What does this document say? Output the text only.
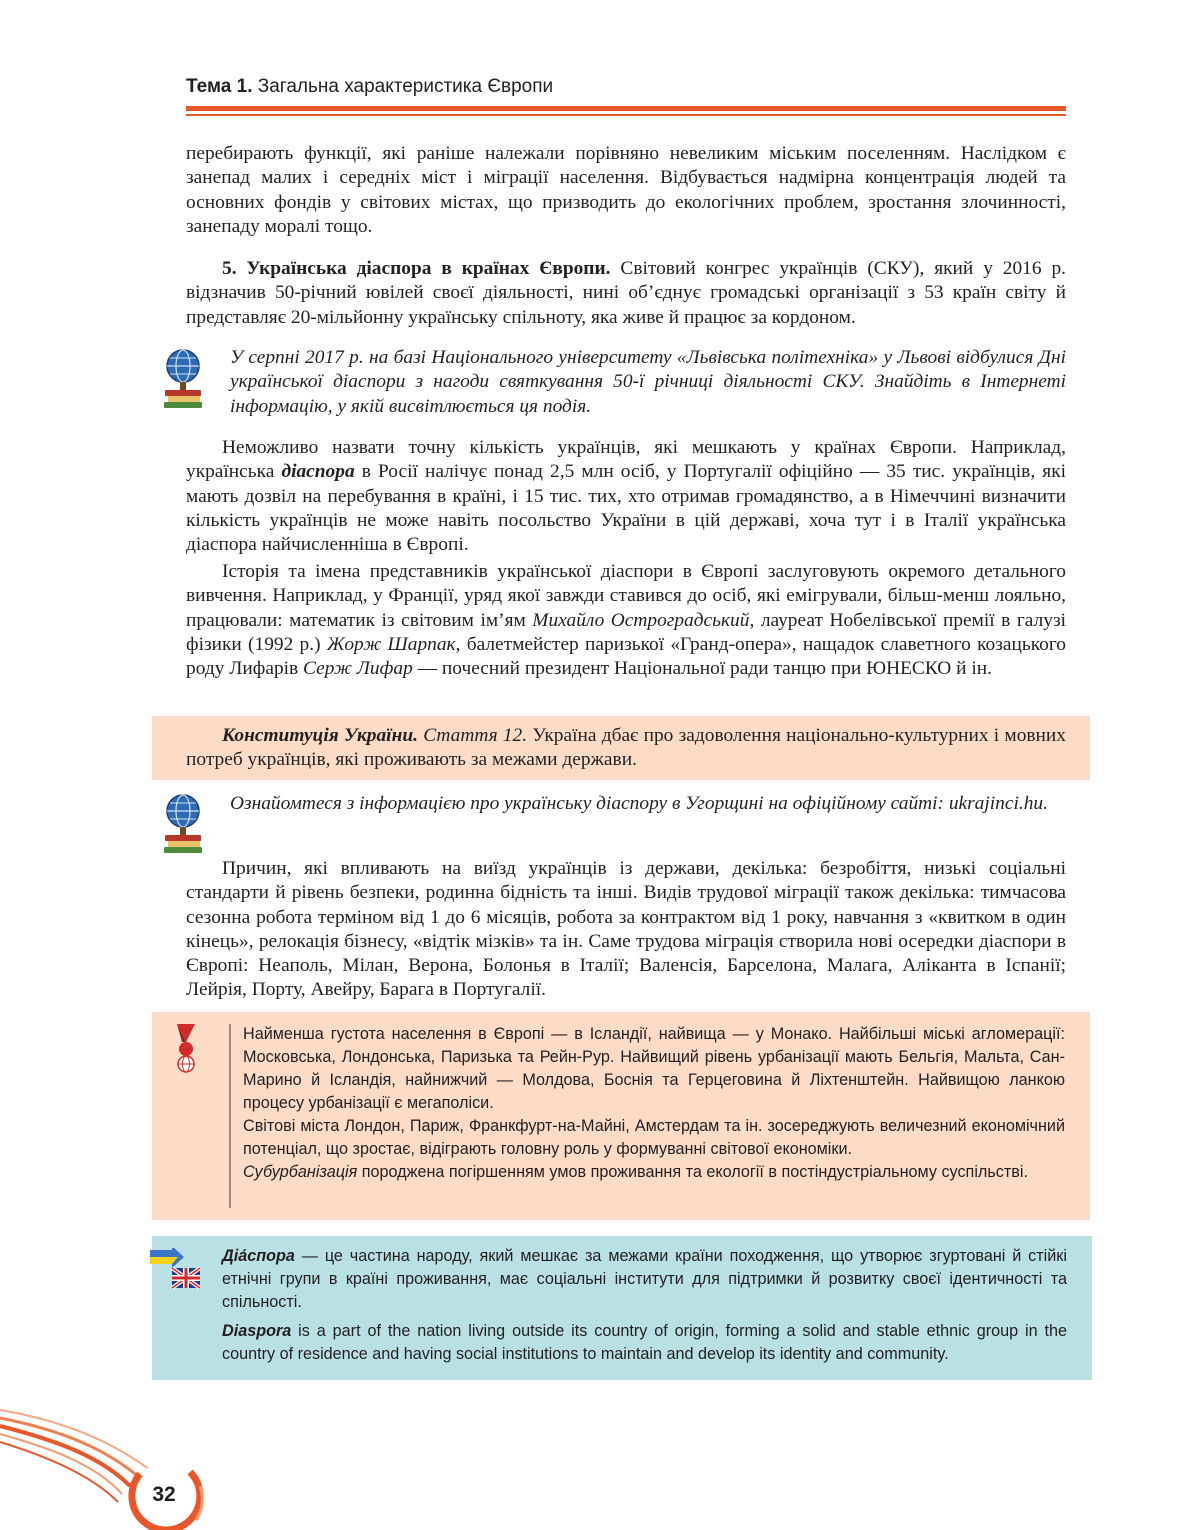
Тема 1. Загальна характеристика Європи

перебирають функції, які раніше належали порівняно невеликим міським поселенням. Наслідком є занепад малих і середніх міст і міграції населення. Відбувається надмірна концентрація людей та основних фондів у світових містах, що призводить до екологічних проблем, зростання злочинності, занепаду моралі тощо.

5. Українська діаспора в країнах Європи. Світовий конгрес українців (СКУ), який у 2016 р. відзначив 50-річний ювілей своєї діяльності, нині об’єднує громадські організації з 53 країн світу й представляє 20-мільйонну українську спільноту, яка живе й працює за кордоном.

У серпні 2017 р. на базі Національного університету «Львівська політехніка» у Львові відбулися Дні української діаспори з нагоди святкування 50-ї річниці діяльності СКУ. Знайдіть в Інтернеті інформацію, у якій висвітлюється ця подія.

Неможливо назвати точну кількість українців, які мешкають у країнах Європи. Наприклад, українська діаспора в Росії налічує понад 2,5 млн осіб, у Португалії офіційно — 35 тис. українців, які мають дозвіл на перебування в країні, і 15 тис. тих, хто отримав громадянство, а в Німеччині визначити кількість українців не може навіть посольство України в цій державі, хоча тут і в Італії українська діаспора найчисленніша в Європі.

Історія та імена представників української діаспори в Європі заслуговують окремого детального вивчення. Наприклад, у Франції, уряд якої завжди ставився до осіб, які емігрували, більш-менш лояльно, працювали: математик із світовим ім’ям Михайло Остроградський, лауреат Нобелівської премії в галузі фізики (1992 р.) Жорж Шарпак, балетмейстер паризької «Гранд-опера», нащадок славетного козацького роду Лифарів Серж Лифар — почесний президент Національної ради танцю при ЮНЕСКО й ін.

Конституція України. Стаття 12. Україна дбає про задоволення національно-культурних і мовних потреб українців, які проживають за межами держави.

Ознайомтеся з інформацією про українську діаспору в Угорщині на офіційному сайті: ukrajinci.hu.

Причин, які впливають на виїзд українців із держави, декілька: безробіття, низькі соціальні стандарти й рівень безпеки, родинна бідність та інші. Видів трудової міграції також декілька: тимчасова сезонна робота терміном від 1 до 6 місяців, робота за контрактом від 1 року, навчання з «квитком в один кінець», релокація бізнесу, «відтік мізків» та ін. Саме трудова міграція створила нові осередки діаспори в Європі: Неаполь, Мілан, Верона, Болонья в Італії; Валенсія, Барселона, Малага, Аліканта в Іспанії; Лейрія, Порту, Авейру, Барага в Португалії.

Найменша густота населення в Європі — в Ісландії, найвища — у Монако. Найбільші міські агломерації: Московська, Лондонська, Паризька та Рейн-Рур. Найвищий рівень урбанізації мають Бельгія, Мальта, Сан-Марино й Ісландія, найнижчий — Молдова, Боснія та Герцеговина й Ліхтенштейн. Найвищою ланкою процесу урбанізації є мегаполіси.
Світові міста Лондон, Париж, Франкфурт-на-Майні, Амстердам та ін. зосереджують величезний економічний потенціал, що зростає, відіграють головну роль у формуванні світової економіки.
Субурбанізація породжена погіршенням умов проживання та екології в постіндустріальному суспільстві.

Діа́спора — це частина народу, який мешкає за межами країни походження, що утворює згуртовані й стійкі етнічні групи в країні проживання, має соціальні інститути для підтримки й розвитку своєї ідентичності та спільності.

Diaspora is a part of the nation living outside its country of origin, forming a solid and stable ethnic group in the country of residence and having social institutions to maintain and develop its identity and community.

32
